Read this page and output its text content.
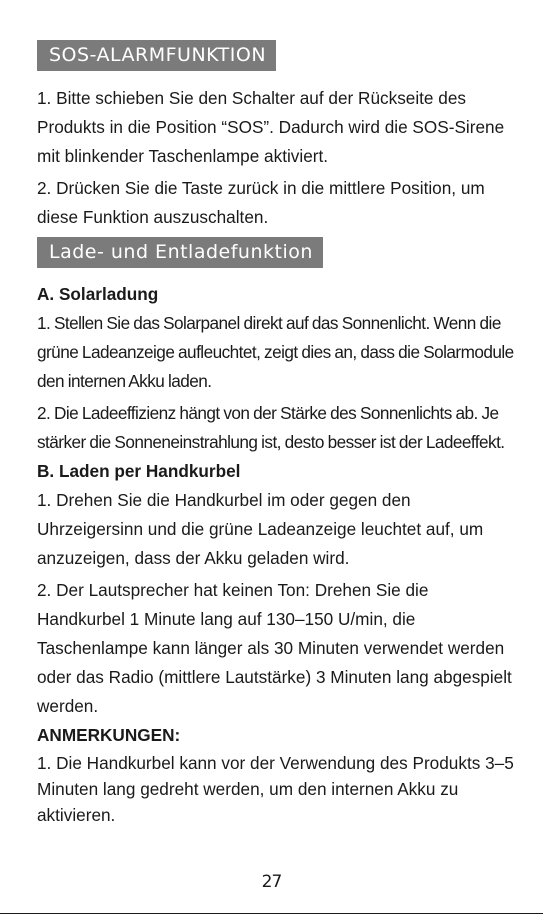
SOS-ALARMFUNKTION

1. Bitte schieben Sie den Schalter auf der Rückseite des Produkts in die Position “SOS”. Dadurch wird die SOS-Sirene mit blinkender Taschenlampe aktiviert.

2. Drücken Sie die Taste zurück in die mittlere Position, um diese Funktion auszuschalten.

Lade- und Entladefunktion
A. Solarladung

1. Stellen Sie das Solarpanel direkt auf das Sonnenlicht. Wenn die grüne Ladeanzeige aufleuchtet, zeigt dies an, dass die Solarmodule den internen Akku laden.

2. Die Ladeeffizienz hängt von der Stärke des Sonnenlichts ab. Je stärker die Sonneneinstrahlung ist, desto besser ist der Ladeeffekt.

B. Laden per Handkurbel

1. Drehen Sie die Handkurbel im oder gegen den Uhrzeigersinn und die grüne Ladeanzeige leuchtet auf, um anzuzeigen, dass der Akku geladen wird.

2. Der Lautsprecher hat keinen Ton: Drehen Sie die Handkurbel 1 Minute lang auf 130–150 U/min, die Taschenlampe kann länger als 30 Minuten verwendet werden oder das Radio (mittlere Lautstärke) 3 Minuten lang abgespielt werden.

ANMERKUNGEN:

1. Die Handkurbel kann vor der Verwendung des Produkts 3–5 Minuten lang gedreht werden, um den internen Akku zu aktivieren.

27
